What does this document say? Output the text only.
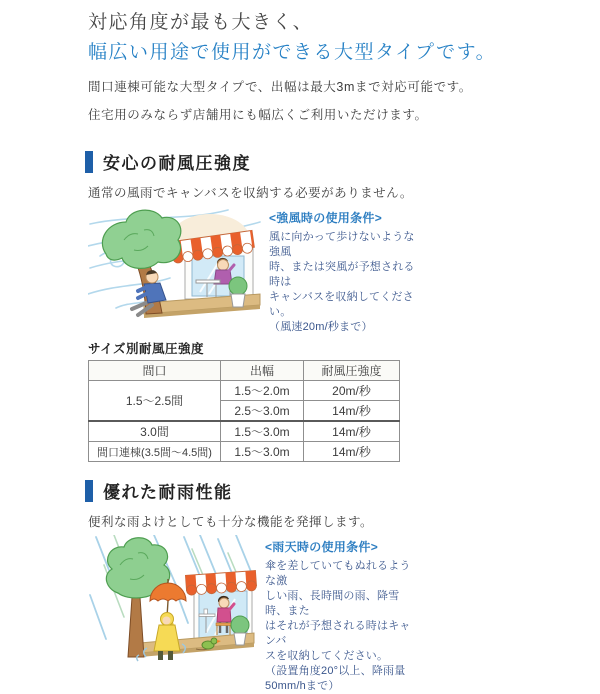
対応角度が最も大きく、
幅広い用途で使用ができる大型タイプです。

間口連棟可能な大型タイプで、出幅は最大3mまで対応可能です。

住宅用のみならず店舗用にも幅広くご利用いただけます。

安心の耐風圧強度

通常の風雨でキャンバスを収納する必要がありません。

<強風時の使用条件>
風に向かって歩けないような強風
時、または突風が予想される時は
キャンバスを収納してください。
（風速20m/秒まで）
サイズ別耐風圧強度
間口	出幅	耐風圧強度
1.5〜2.5間	1.5〜2.0m	20m/秒
	2.5〜3.0m	14m/秒
3.0間	1.5〜3.0m	14m/秒
間口連棟(3.5間〜4.5間)	1.5〜3.0m	14m/秒
優れた耐雨性能

便利な雨よけとしても十分な機能を発揮します。

<雨天時の使用条件>
傘を差していてもぬれるような激
しい雨、長時間の雨、降雪時、また
はそれが予想される時はキャンバ
スを収納してください。
（設置角度20°以上、降雨量
50mm/hまで）
